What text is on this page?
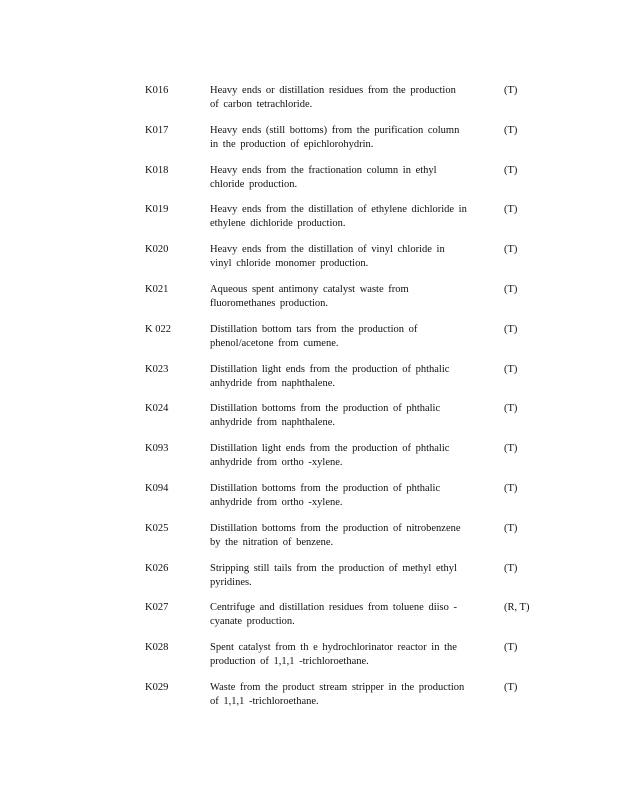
K016	Heavy ends or distillation residues from the production
of carbon tetrachloride.
(T)
K017	Heavy ends (still bottoms) from the purification column
in the production of epichlorohydrin.
(T)
K018	Heavy ends from the fractionation column in ethyl
chloride production.
(T)
K019	Heavy ends from the distillation of ethylene dichloride in
ethylene dichloride production.
(T)
K020	Heavy ends from the distillation of vinyl chloride in
vinyl chloride monomer production.
(T)
K021	Aqueous spent antimony catalyst waste from
fluoromethanes production.
(T)
K 022	Distillation bottom tars from the production of
phenol/acetone from cumene.
(T)
K023	Distillation light ends from the production of phthalic
anhydride from naphthalene.
(T)
K024	Distillation bottoms from the production of phthalic
anhydride from naphthalene.
(T)
K093	Distillation light ends from the production of phthalic
anhydride from ortho -xylene.
(T)
K094	Distillation bottoms from the production of phthalic
anhydride from ortho -xylene.
(T)
K025	Distillation bottoms from the production of nitrobenzene
by the nitration of benzene.
(T)
K026	Stripping still tails from the production of methyl ethyl
pyridines.
(T)
K027	Centrifuge and distillation residues from toluene diiso -
cyanate production.
(R, T)
K028	Spent catalyst from th e hydrochlorinator reactor in the
production of 1,1,1 -trichloroethane.
(T)
K029	Waste from the product stream stripper in the production
of 1,1,1 -trichloroethane.
(T)
